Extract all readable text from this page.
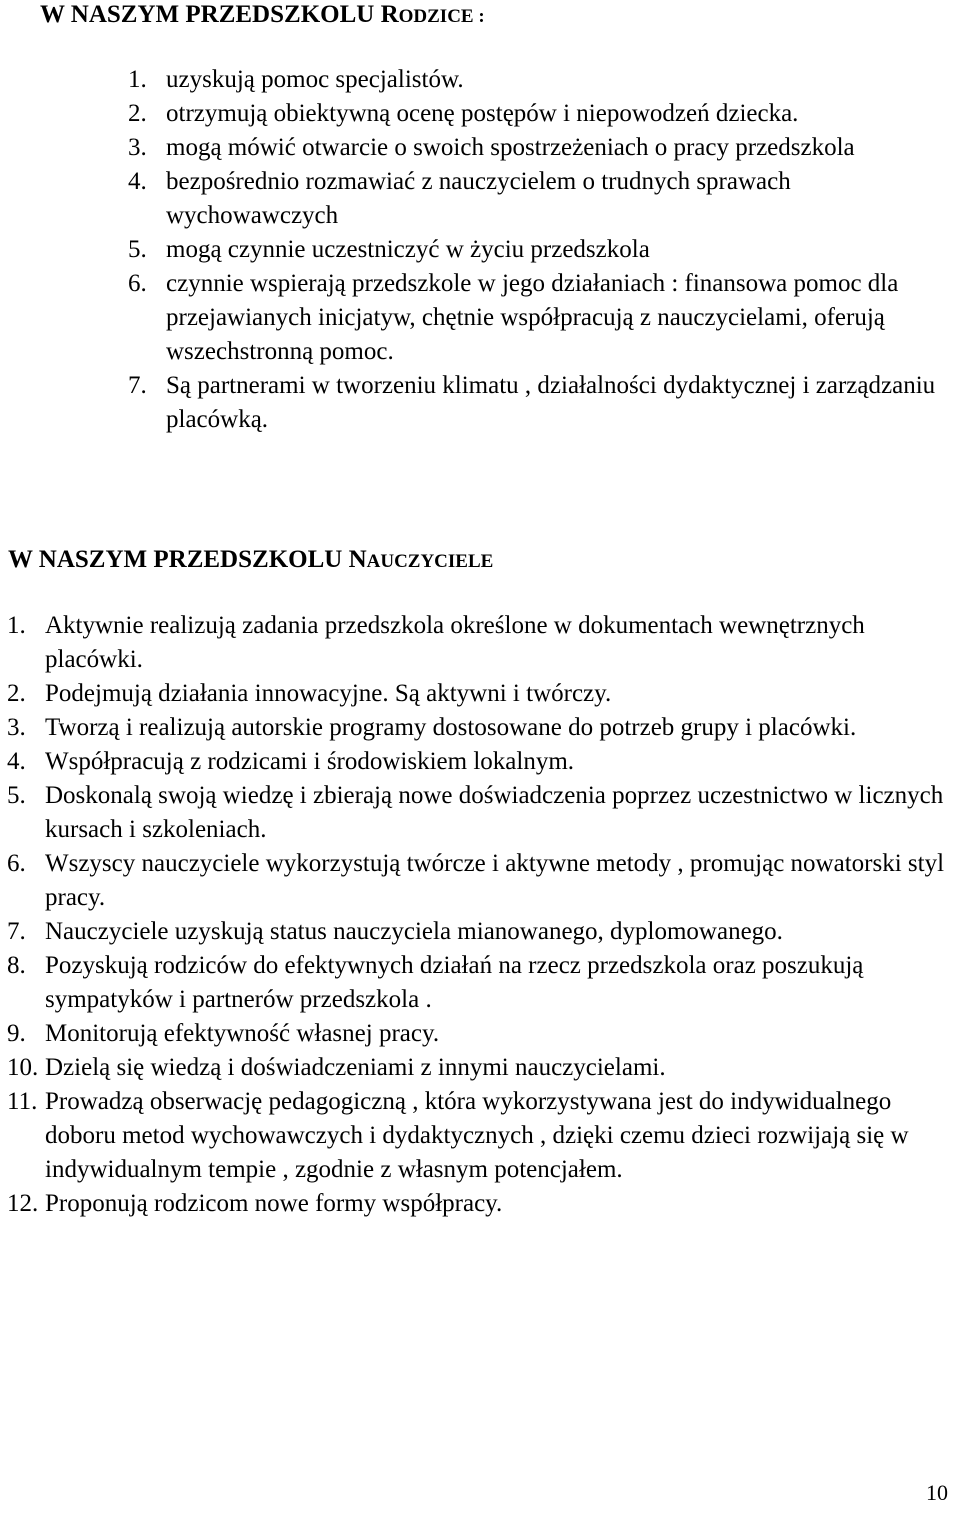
W NASZYM PRZEDSZKOLU RODZICE :
1. uzyskują pomoc specjalistów.
2. otrzymują obiektywną ocenę postępów i niepowodzeń dziecka.
3. mogą mówić otwarcie o swoich spostrzeżeniach o pracy przedszkola
4. bezpośrednio rozmawiać z nauczycielem o trudnych sprawach wychowawczych
5. mogą czynnie uczestniczyć w życiu przedszkola
6. czynnie wspierają przedszkole w jego działaniach : finansowa pomoc dla przejawianych inicjatyw, chętnie współpracują z nauczycielami, oferują wszechstronną pomoc.
7. Są partnerami w tworzeniu klimatu , działalności dydaktycznej i zarządzaniu placówką.
W NASZYM PRZEDSZKOLU NAUCZYCIELE
1. Aktywnie realizują zadania przedszkola określone w dokumentach wewnętrznych placówki.
2. Podejmują działania innowacyjne. Są aktywni i twórczy.
3. Tworzą i realizują autorskie programy dostosowane do potrzeb grupy i placówki.
4. Współpracują z rodzicami i środowiskiem lokalnym.
5. Doskonalą swoją wiedzę i zbierają nowe doświadczenia poprzez uczestnictwo w licznych kursach i szkoleniach.
6. Wszyscy nauczyciele wykorzystują twórcze i aktywne metody , promując nowatorski styl pracy.
7. Nauczyciele uzyskują status nauczyciela mianowanego, dyplomowanego.
8. Pozyskują rodziców do efektywnych działań na rzecz przedszkola oraz poszukują sympatyków i partnerów przedszkola .
9. Monitorują efektywność własnej pracy.
10. Dzielą się wiedzą i doświadczeniami z innymi nauczycielami.
11. Prowadzą obserwację pedagogiczną , która wykorzystywana jest do indywidualnego doboru metod wychowawczych i dydaktycznych , dzięki czemu dzieci rozwijają się w indywidualnym tempie , zgodnie z własnym potencjałem.
12. Proponują rodzicom nowe formy współpracy.
10
